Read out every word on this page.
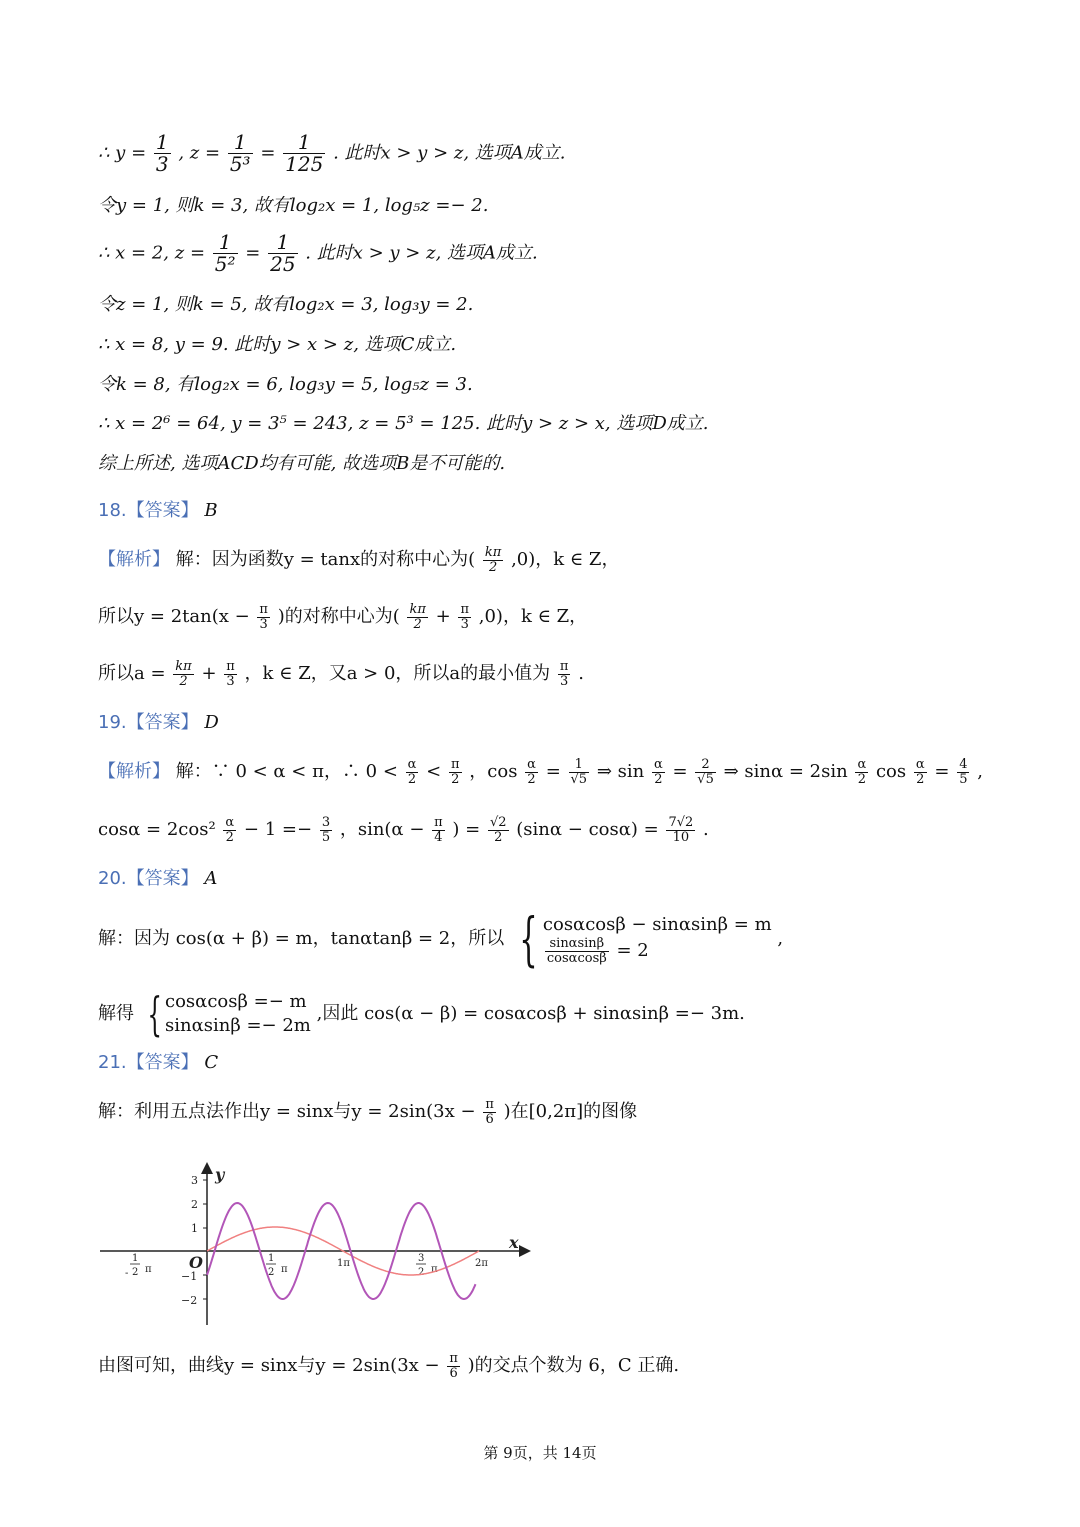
∴ $y = \frac{1}{3}$ , $z = \frac{1}{\text{5³}} = \frac{1}{125}$ . 此时x > y > z, 选项A成立.
令y = 1, 则k = 3, 故有log₂x = 1, log₅z =− 2.
∴ x = 2, $z = \frac{1}{\text{5²}} = \frac{1}{25}$ . 此时x > y > z, 选项A成立.
令z = 1, 则k = 5, 故有log₂x = 3, log₃y = 2.
∴ x = 8, y = 9. 此时y > x > z, 选项C成立.
令k = 8, 有log₂x = 6, log₃y = 5, log₅z = 3.
∴ x = 2⁶ = 64, y = 3⁵ = 243, z = 5³ = 125. 此时y > z > x, 选项D成立.
综上所述, 选项ACD均有可能, 故选项B是不可能的.
18.【答案】 B
【解析】 解：因为函数y = tanx的对称中心为( $\frac{k\pi}{2} ,0$)，k ∈ Z，
所以$y = 2\tan(x - \frac{\pi}{3}$ )的对称中心为( $\frac{k\pi}{2} + \frac{\pi}{3} ,0$)，k ∈ Z，
所以$a = \frac{k\pi}{2} + \frac{\pi}{3}$ ，k ∈ Z，又a > 0，所以a的最小值为 $\frac{\pi}{3}$ .
19.【答案】 D
【解析】 解：∵ 0 < α < π，∴ $0 < \frac{\alpha}{2} < \frac{\pi}{2}$ ，$\cos \frac{\alpha}{2} = \frac{1}{√5}$ ⇒ $\sin \frac{\alpha}{2} = \frac{2}{√5}$ ⇒ $\sin\alpha = 2\sin \frac{\alpha}{2}$ $\cos \frac{\alpha}{2} = \frac{4}{5}$ ,
$\cos\alpha = 2\cos^2 \frac{\alpha}{2} - 1 =- \frac{3}{5}$ ，$\sin(\alpha - \frac{\pi}{4}$ ) = $\frac{√2}{2} (\sin\alpha - \cos\alpha) = \frac{7√2}{10}$ .
20.【答案】 A
解：因为 cos(α + β) = m，tanαtanβ = 2，所以 { cosαcosβ − sinαsinβ = m
$\frac{\sin\alpha\sin\beta}{\cos\alpha\cos\beta} = 2$
,
解得 { cosαcosβ =− m
sinαsinβ =− 2m
,因此 cos(α − β) = cosαcosβ + sinαsinβ =− 3m.
21.【答案】 C
解：利用五点法作出y = sinx与$y = 2\sin(3x - \frac{\pi}{6}$ )在[0,2π]的图像
3
2
1
−1
−2
y
x
O
-
1
2 π
1
2 π
1π	3
2 π
2π
由图可知，曲线y = sinx与$y = 2\sin(3x - \frac{\pi}{6}$ )的交点个数为 6，C 正确.
第 9页，共 14页
